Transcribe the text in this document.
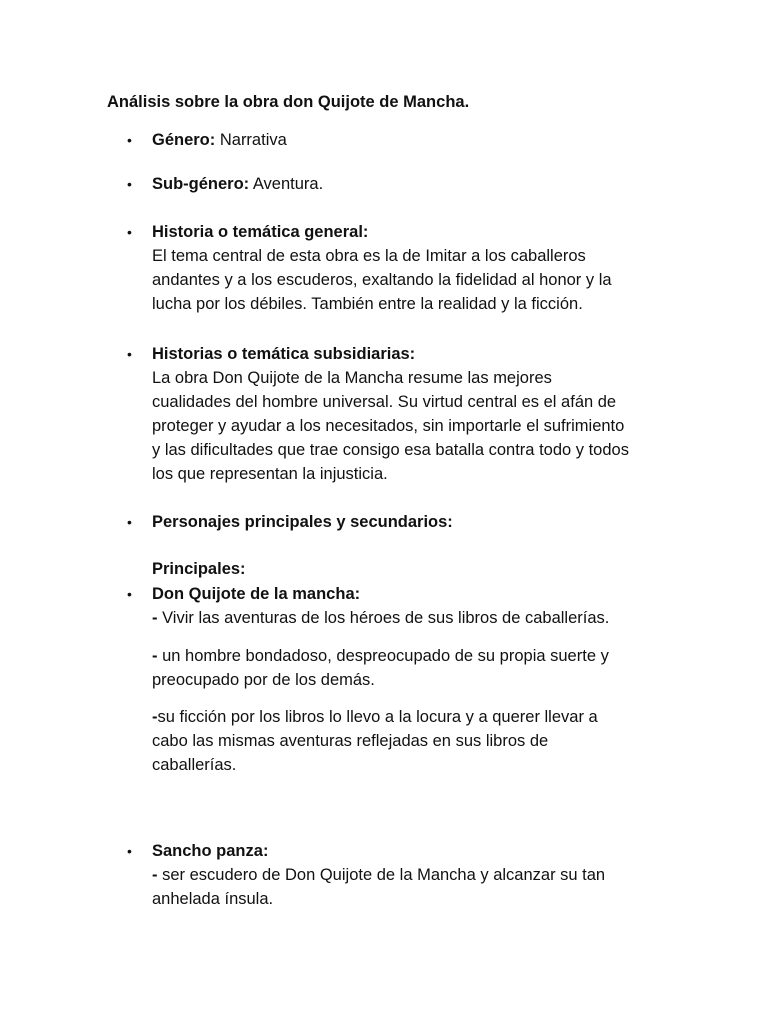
Análisis sobre la obra don Quijote de Mancha.
• Género: Narrativa
• Sub-género: Aventura.
• Historia o temática general:
El tema central de esta obra es la de Imitar a los caballeros
andantes y a los escuderos, exaltando la fidelidad al honor y la
lucha por los débiles. También entre la realidad y la ficción.
• Historias o temática subsidiarias:
La obra Don Quijote de la Mancha resume las mejores
cualidades del hombre universal. Su virtud central es el afán de
proteger y ayudar a los necesitados, sin importarle el sufrimiento
y las dificultades que trae consigo esa batalla contra todo y todos
los que representan la injusticia.
• Personajes principales y secundarios:
Principales:
• Don Quijote de la mancha:
- Vivir las aventuras de los héroes de sus libros de caballerías.
- un hombre bondadoso, despreocupado de su propia suerte y
preocupado por de los demás.
-su ficción por los libros lo llevo a la locura y a querer llevar a
cabo las mismas aventuras reflejadas en sus libros de
caballerías.
• Sancho panza:
- ser escudero de Don Quijote de la Mancha y alcanzar su tan
anhelada ínsula.
